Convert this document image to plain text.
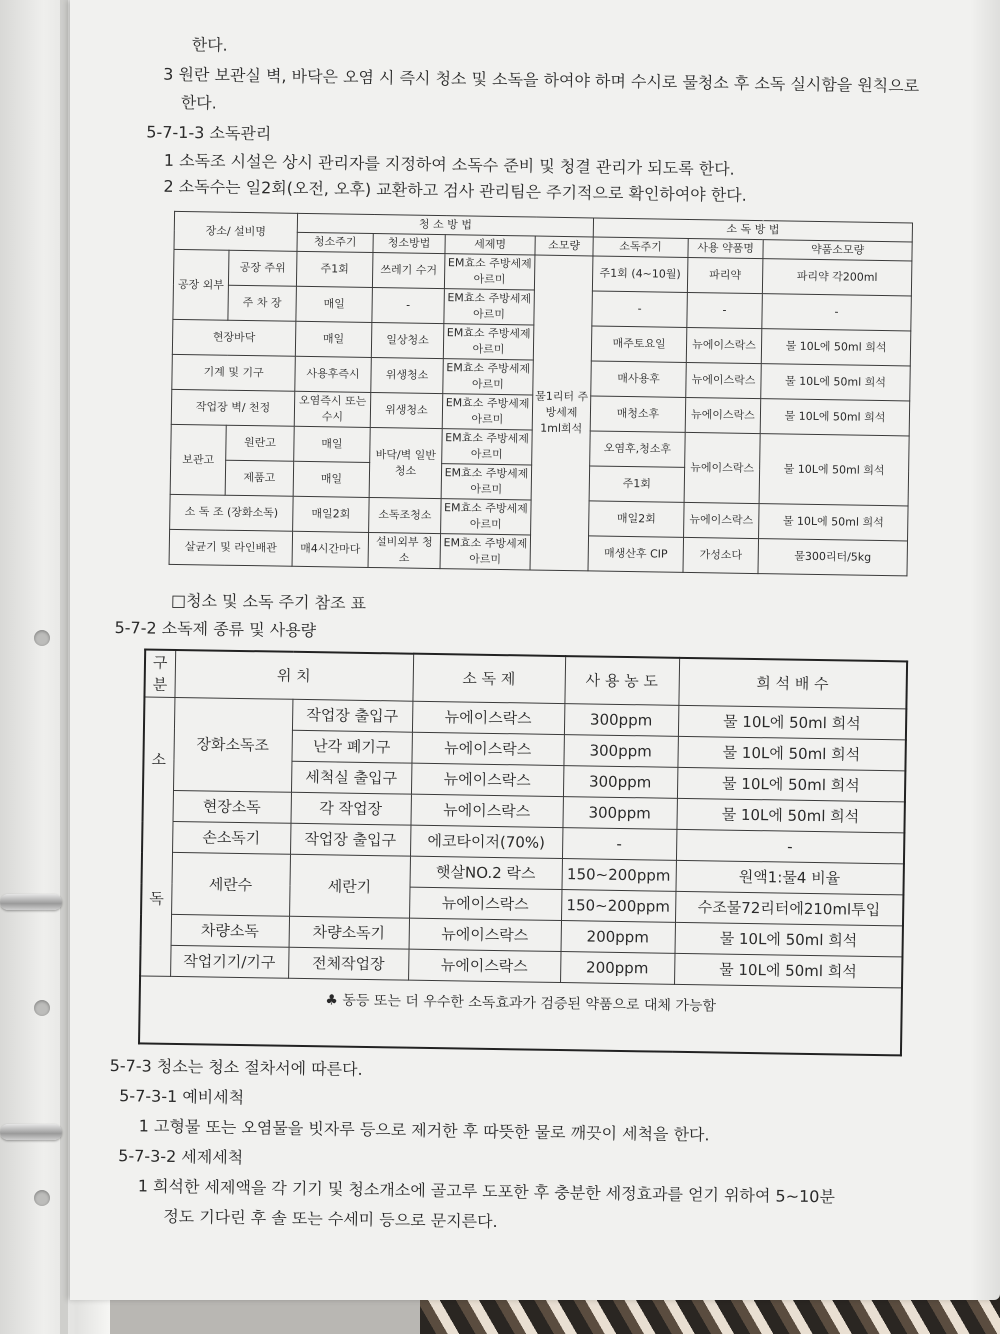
한다.
3 원란 보관실 벽, 바닥은 오염 시 즉시 청소 및 소독을 하여야 하며 수시로 물청소 후 소독 실시함을 원칙으로
한다.
5-7-1-3 소독관리
1 소독조 시설은 상시 관리자를 지정하여 소독수 준비 및 청결 관리가 되도록 한다.
2 소독수는 일2회(오전, 오후) 교환하고 검사 관리팀은 주기적으로 확인하여야 한다.
장소/ 설비명		청 소 방 법				소 독 방 법		
		청소주기	청소방법	세제명	소모량	소독주기	사용 약품명	약품소모량
공장 외부	공장 주위	주1회	쓰레기 수거	EM효소 주방세제아르미	물1리터 주방세제 1ml희석	주1회 (4~10월)	파리약	파리약 각200ml
	주 차 장	매일	-	EM효소 주방세제아르미		-	-	-
현장바닥		매일	일상청소	EM효소 주방세제아르미		매주토요일	뉴에이스락스	물 10L에 50ml 희석
기계 및 기구		사용후즉시	위생청소	EM효소 주방세제아르미		매사용후	뉴에이스락스	물 10L에 50ml 희석
작업장 벽/ 천정		오염즉시 또는 수시	위생청소	EM효소 주방세제아르미		매청소후	뉴에이스락스	물 10L에 50ml 희석
보관고	원란고	매일	바닥/벽 일반청소	EM효소 주방세제아르미		오염후,청소후	뉴에이스락스	물 10L에 50ml 희석
	제품고	매일		EM효소 주방세제아르미		주1회		
소 독 조 (장화소독)		매일2회	소독조청소	EM효소 주방세제아르미		매일2회	뉴에이스락스	물 10L에 50ml 희석
살균기 및 라인배관		매4시간마다	설비외부 청소	EM효소 주방세제아르미		매생산후 CIP	가성소다	물300리터/5kg
□청소 및 소독 주기 참조 표
5-7-2 소독제 종류 및 사용량
구 분	위 치		소 독 제	사 용 농 도	희 석 배 수
소	장화소독조	작업장 출입구	뉴에이스락스	300ppm	물 10L에 50ml 희석
		난각 폐기구	뉴에이스락스	300ppm	물 10L에 50ml 희석
		세척실 출입구	뉴에이스락스	300ppm	물 10L에 50ml 희석
	현장소독	각 작업장	뉴에이스락스	300ppm	물 10L에 50ml 희석
독	손소독기	작업장 출입구	에코타이저(70%)	-	-
	세란수	세란기	햇살NO.2 락스	150~200ppm	원액1:물4 비율
			뉴에이스락스	150~200ppm	수조물72리터에210ml투입
	차량소독	차량소독기	뉴에이스락스	200ppm	물 10L에 50ml 희석
	작업기기/기구	전체작업장	뉴에이스락스	200ppm	물 10L에 50ml 희석
♣ 동등 또는 더 우수한 소독효과가 검증된 약품으로 대체 가능함					
5-7-3 청소는 청소 절차서에 따른다.
5-7-3-1 예비세척
1 고형물 또는 오염물을 빗자루 등으로 제거한 후 따뜻한 물로 깨끗이 세척을 한다.
5-7-3-2 세제세척
1 희석한 세제액을 각 기기 및 청소개소에 골고루 도포한 후 충분한 세정효과를 얻기 위하여 5~10분
정도 기다린 후 솔 또는 수세미 등으로 문지른다.
